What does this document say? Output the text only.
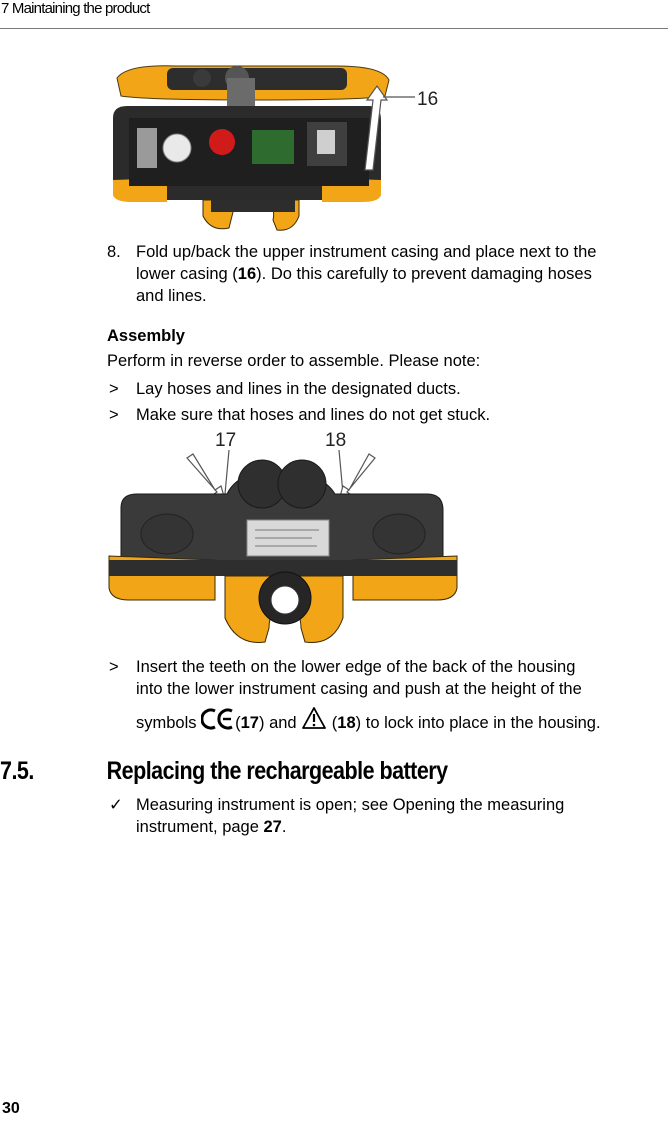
7 Maintaining the product
16
8. Fold up/back the upper instrument casing and place next to the
lower casing (16). Do this carefully to prevent damaging hoses
and lines.
Assembly
Perform in reverse order to assemble. Please note:
> Lay hoses and lines in the designated ducts.
> Make sure that hoses and lines do not get stuck.
17	18
> Insert the teeth on the lower edge of the back of the housing
into the lower instrument casing and push at the height of the
symbols (17) and  (18) to lock into place in the housing.
7.5.	Replacing the rechargeable battery
✓ Measuring instrument is open; see Opening the measuring
instrument, page 27.
30
